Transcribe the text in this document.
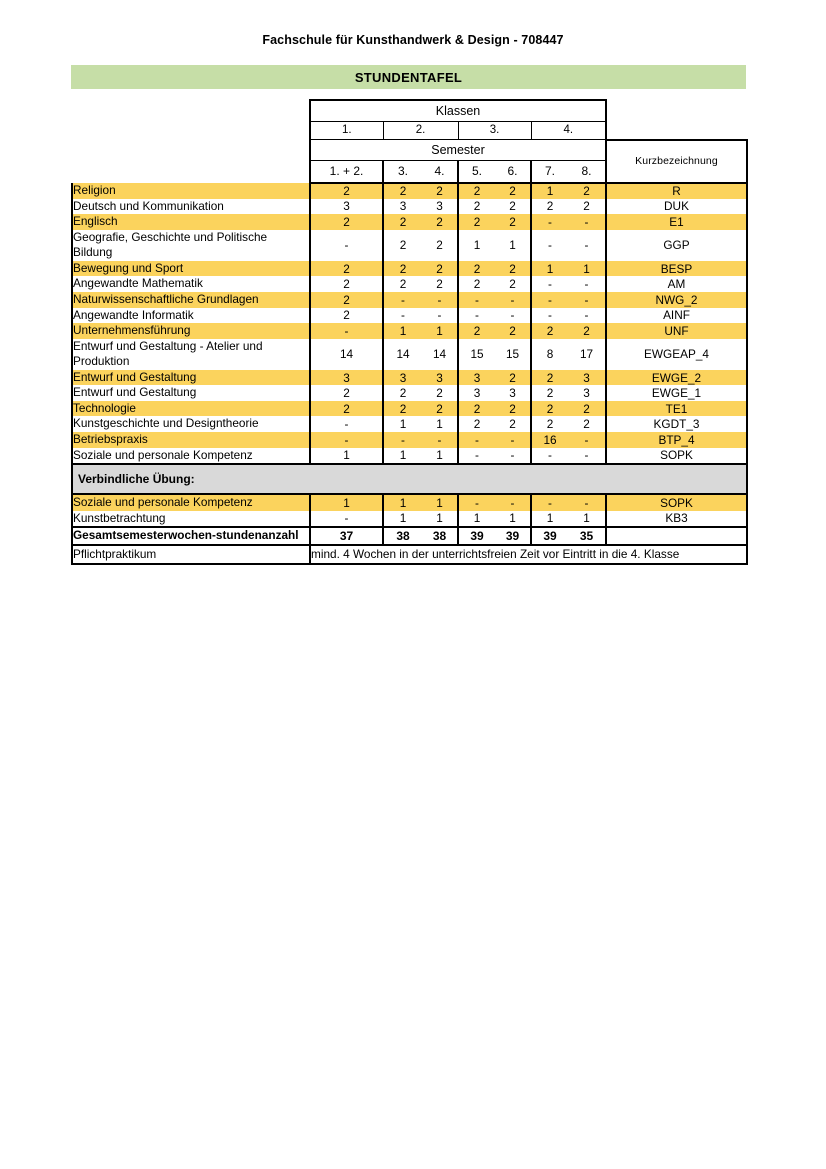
Fachschule für Kunsthandwerk & Design - 708447
STUNDENTAFEL
	Klassen							
	1.	2.		3.		4.		
	Semester							Kurzbezeichnung
	1. + 2.	3.	4.	5.	6.	7.	8.	
Religion	2	2	2	2	2	1	2	R
Deutsch und Kommunikation	3	3	3	2	2	2	2	DUK
Englisch	2	2	2	2	2	-	-	E1
Geografie, Geschichte und Politische Bildung	-	2	2	1	1	-	-	GGP
Bewegung und Sport	2	2	2	2	2	1	1	BESP
Angewandte Mathematik	2	2	2	2	2	-	-	AM
Naturwissenschaftliche Grundlagen	2	-	-	-	-	-	-	NWG_2
Angewandte Informatik	2	-	-	-	-	-	-	AINF
Unternehmensführung	-	1	1	2	2	2	2	UNF
Entwurf und Gestaltung - Atelier und Produktion	14	14	14	15	15	8	17	EWGEAP_4
Entwurf und Gestaltung	3	3	3	3	2	2	3	EWGE_2
Entwurf und Gestaltung	2	2	2	3	3	2	3	EWGE_1
Technologie	2	2	2	2	2	2	2	TE1
Kunstgeschichte und Designtheorie	-	1	1	2	2	2	2	KGDT_3
Betriebspraxis	-	-	-	-	-	16	-	BTP_4
Soziale und personale Kompetenz	1	1	1	-	-	-	-	SOPK
Verbindliche Übung:								
Soziale und personale Kompetenz	1	1	1	-	-	-	-	SOPK
Kunstbetrachtung	-	1	1	1	1	1	1	KB3
Gesamtsemesterwochen-stundenanzahl	37	38	38	39	39	39	35	
Pflichtpraktikum	mind. 4 Wochen in der unterrichtsfreien Zeit vor Eintritt in die 4. Klasse							
